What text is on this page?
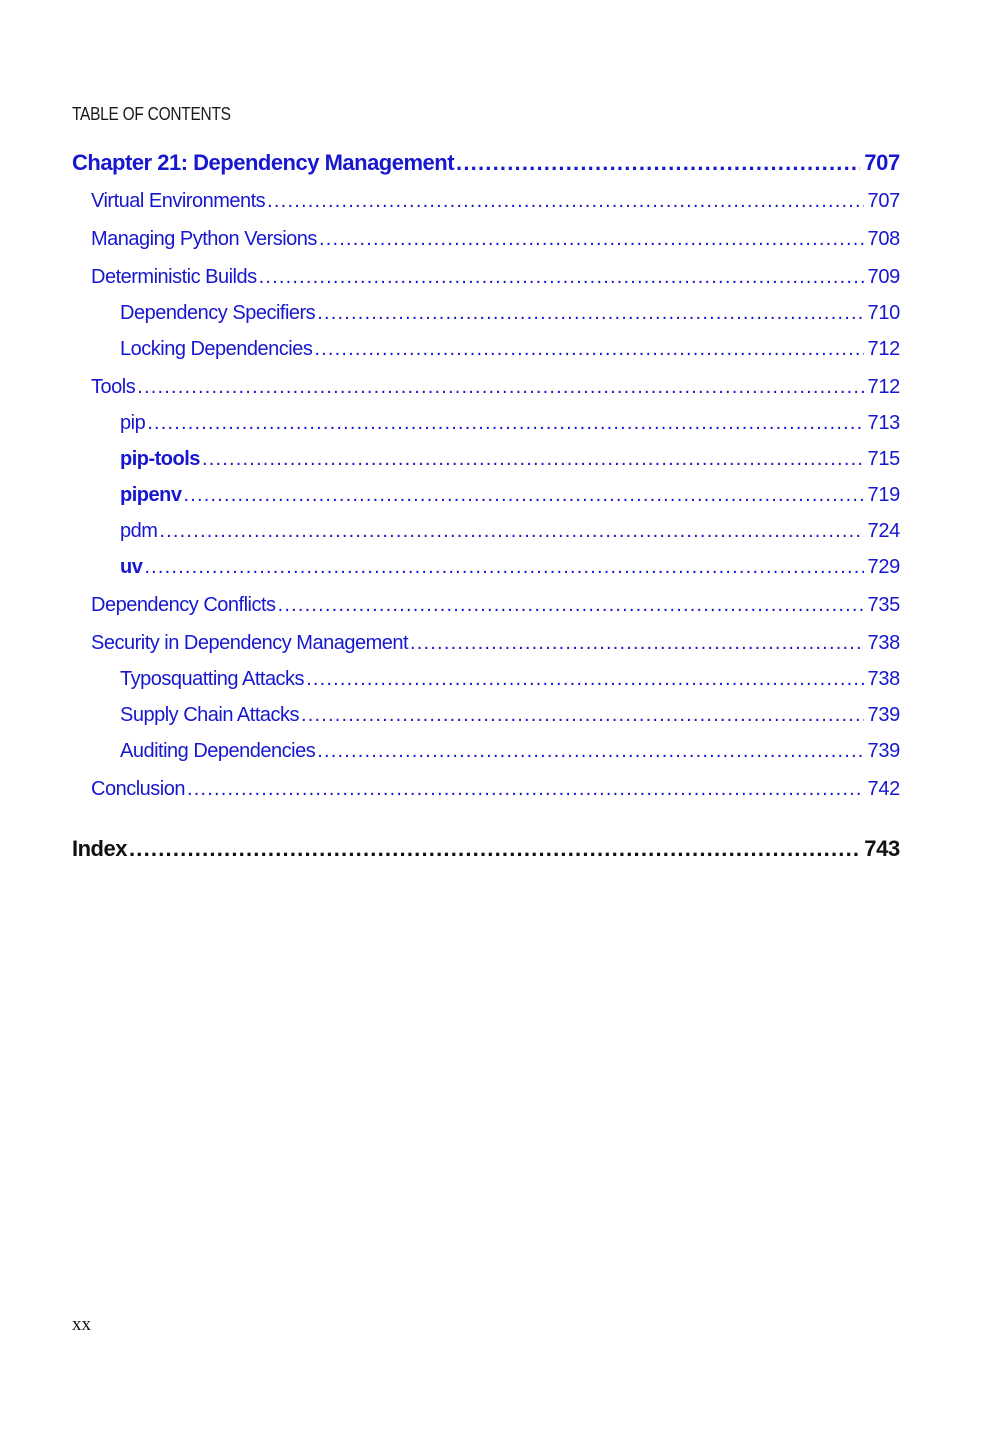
TABLE OF CONTENTS
Chapter 21: Dependency Management .....	707
Virtual Environments .....	707
Managing Python Versions .....	708
Deterministic Builds .....	709
Dependency Specifiers .....	710
Locking Dependencies .....	712
Tools .....	712
pip .....	713
pip-tools .....	715
pipenv .....	719
pdm .....	724
uv .....	729
Dependency Conflicts .....	735
Security in Dependency Management .....	738
Typosquatting Attacks .....	738
Supply Chain Attacks .....	739
Auditing Dependencies .....	739
Conclusion .....	742
Index .....	743
xx
